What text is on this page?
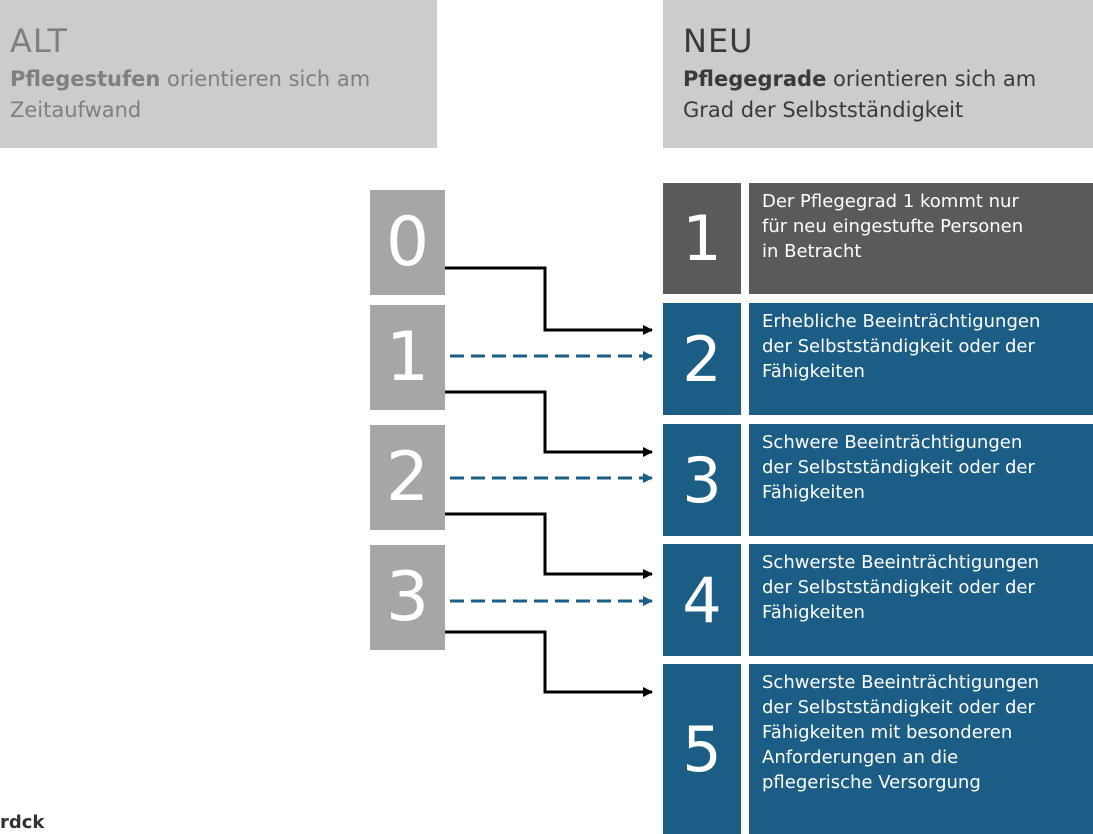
ALT
Pflegestufen orientieren sich am
Zeitaufwand
NEU
Pflegegrade orientieren sich am
Grad der Selbstständigkeit
0
1
2
3
1
Der Pflegegrad 1 kommt nur
für neu eingestufte Personen
in Betracht
2
Erhebliche Beeinträchtigungen
der Selbstständigkeit oder der
Fähigkeiten
3
Schwere Beeinträchtigungen
der Selbstständigkeit oder der
Fähigkeiten
4
Schwerste Beeinträchtigungen
der Selbstständigkeit oder der
Fähigkeiten
5
Schwerste Beeinträchtigungen
der Selbstständigkeit oder der
Fähigkeiten mit besonderen
Anforderungen an die
pflegerische Versorgung
rdck
